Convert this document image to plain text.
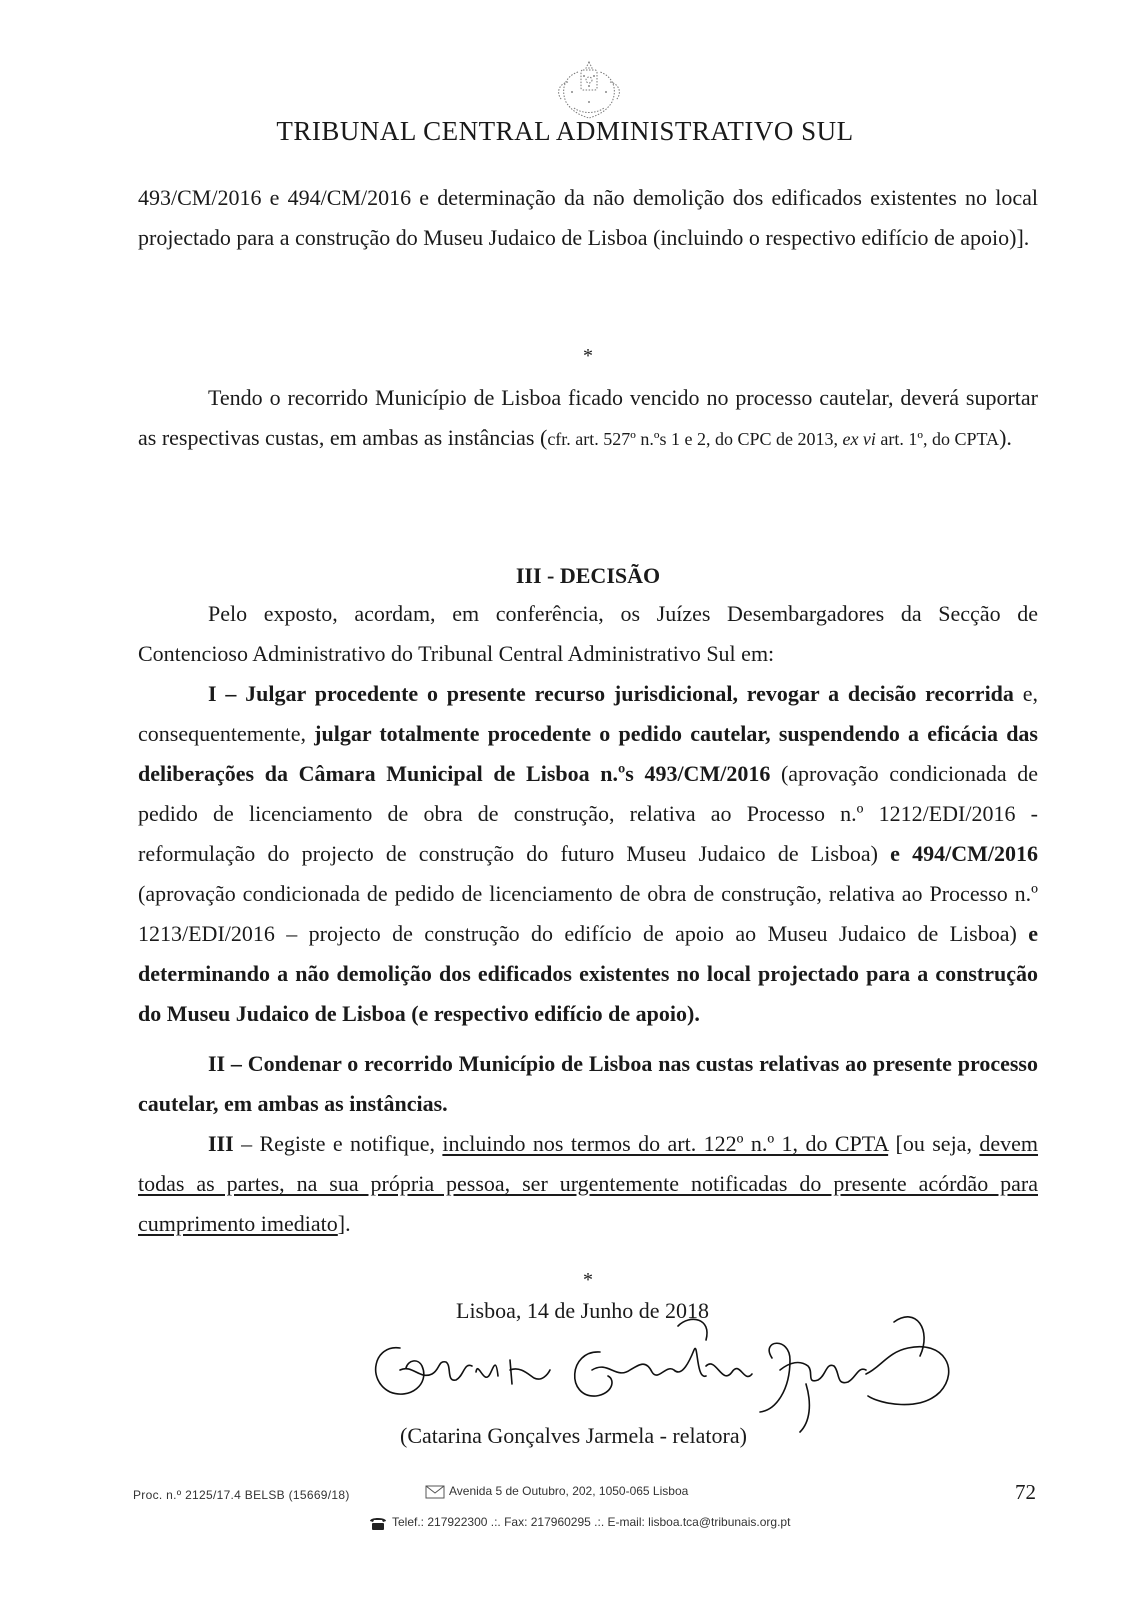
TRIBUNAL CENTRAL ADMINISTRATIVO SUL

493/CM/2016 e 494/CM/2016 e determinação da não demolição dos edificados existentes no local projectado para a construção do Museu Judaico de Lisboa (incluindo o respectivo edifício de apoio)].

*

Tendo o recorrido Município de Lisboa ficado vencido no processo cautelar, deverá suportar as respectivas custas, em ambas as instâncias (cfr. art. 527º n.ºs 1 e 2, do CPC de 2013, ex vi art. 1º, do CPTA).

III - DECISÃO

Pelo exposto, acordam, em conferência, os Juízes Desembargadores da Secção de Contencioso Administrativo do Tribunal Central Administrativo Sul em:

I – Julgar procedente o presente recurso jurisdicional, revogar a decisão recorrida e, consequentemente, julgar totalmente procedente o pedido cautelar, suspendendo a eficácia das deliberações da Câmara Municipal de Lisboa n.ºs 493/CM/2016 (aprovação condicionada de pedido de licenciamento de obra de construção, relativa ao Processo n.º 1212/EDI/2016 - reformulação do projecto de construção do futuro Museu Judaico de Lisboa) e 494/CM/2016 (aprovação condicionada de pedido de licenciamento de obra de construção, relativa ao Processo n.º 1213/EDI/2016 – projecto de construção do edifício de apoio ao Museu Judaico de Lisboa) e determinando a não demolição dos edificados existentes no local projectado para a construção do Museu Judaico de Lisboa (e respectivo edifício de apoio).

II – Condenar o recorrido Município de Lisboa nas custas relativas ao presente processo cautelar, em ambas as instâncias.

III – Registe e notifique, incluindo nos termos do art. 122º n.º 1, do CPTA [ou seja, devem todas as partes, na sua própria pessoa, ser urgentemente notificadas do presente acórdão para cumprimento imediato].

*
Lisboa, 14 de Junho de 2018
(Catarina Gonçalves Jarmela - relatora)
Proc. n.º 2125/17.4 BELSB (15669/18)	Avenida 5 de Outubro, 202, 1050-065 Lisboa
Telef.: 217922300 .:. Fax: 217960295 .:. E-mail: lisboa.tca@tribunais.org.pt
72
